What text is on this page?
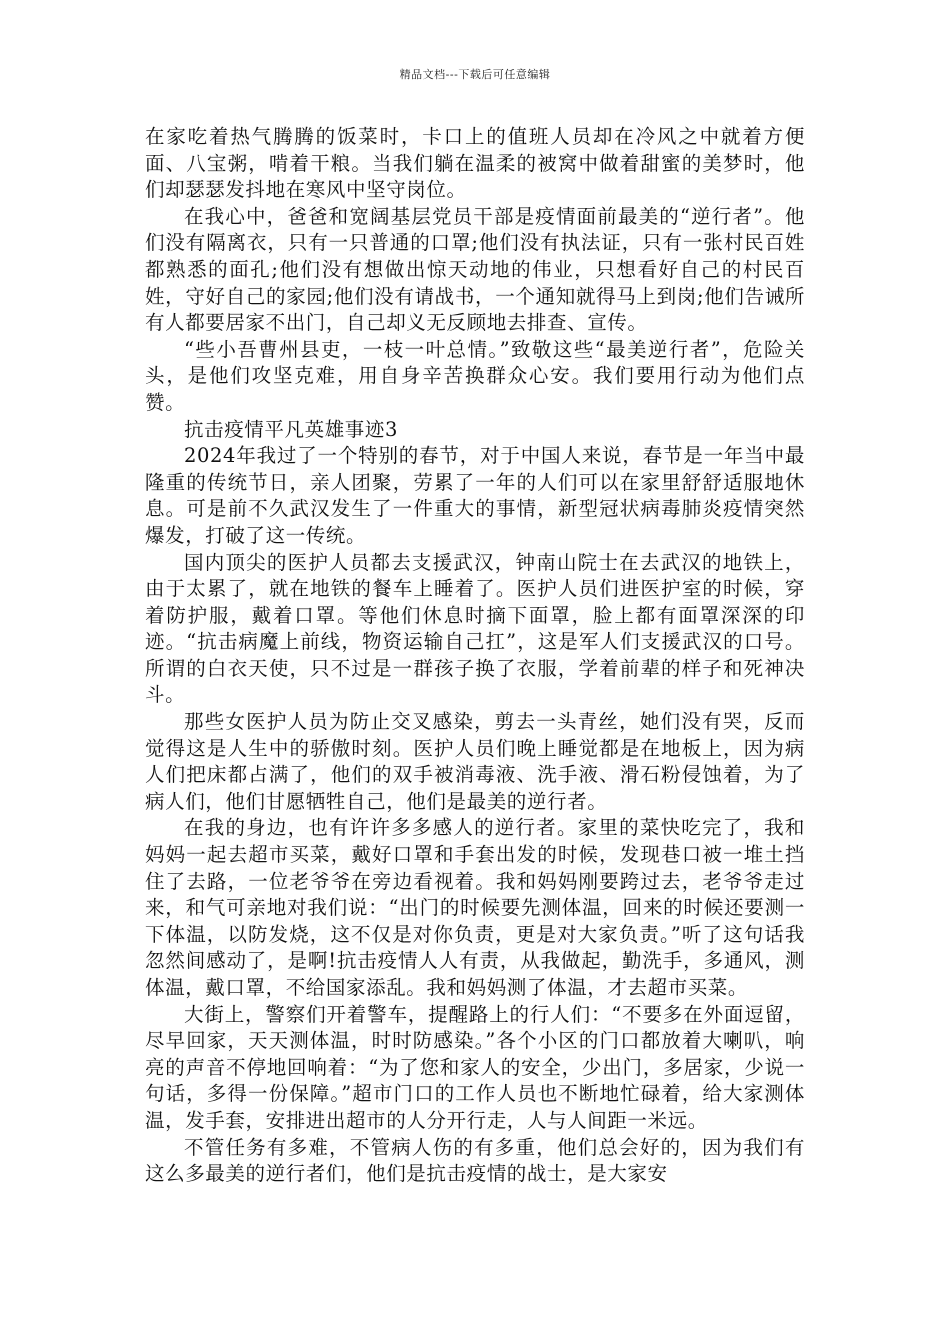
精品文档---下载后可任意编辑

在家吃着热气腾腾的饭菜时，卡口上的值班人员却在冷风之中就着方便面、八宝粥，啃着干粮。当我们躺在温柔的被窝中做着甜蜜的美梦时，他们却瑟瑟发抖地在寒风中坚守岗位。

在我心中，爸爸和宽阔基层党员干部是疫情面前最美的“逆行者”。他们没有隔离衣，只有一只普通的口罩;他们没有执法证，只有一张村民百姓都熟悉的面孔;他们没有想做出惊天动地的伟业，只想看好自己的村民百姓，守好自己的家园;他们没有请战书，一个通知就得马上到岗;他们告诫所有人都要居家不出门，自己却义无反顾地去排查、宣传。

“些小吾曹州县吏，一枝一叶总情。”致敬这些“最美逆行者”，危险关头，是他们攻坚克难，用自身辛苦换群众心安。我们要用行动为他们点赞。

抗击疫情平凡英雄事迹3

2024年我过了一个特别的春节，对于中国人来说，春节是一年当中最隆重的传统节日，亲人团聚，劳累了一年的人们可以在家里舒舒适服地休息。可是前不久武汉发生了一件重大的事情，新型冠状病毒肺炎疫情突然爆发，打破了这一传统。

国内顶尖的医护人员都去支援武汉，钟南山院士在去武汉的地铁上，由于太累了，就在地铁的餐车上睡着了。医护人员们进医护室的时候，穿着防护服，戴着口罩。等他们休息时摘下面罩，脸上都有面罩深深的印迹。“抗击病魔上前线，物资运输自己扛”，这是军人们支援武汉的口号。所谓的白衣天使，只不过是一群孩子换了衣服，学着前辈的样子和死神决斗。

那些女医护人员为防止交叉感染，剪去一头青丝，她们没有哭，反而觉得这是人生中的骄傲时刻。医护人员们晚上睡觉都是在地板上，因为病人们把床都占满了，他们的双手被消毒液、洗手液、滑石粉侵蚀着，为了病人们，他们甘愿牺牲自己，他们是最美的逆行者。

在我的身边，也有许许多多感人的逆行者。家里的菜快吃完了，我和妈妈一起去超市买菜，戴好口罩和手套出发的时候，发现巷口被一堆土挡住了去路，一位老爷爷在旁边看视着。我和妈妈刚要跨过去，老爷爷走过来，和气可亲地对我们说：“出门的时候要先测体温，回来的时候还要测一下体温，以防发烧，这不仅是对你负责，更是对大家负责。”听了这句话我忽然间感动了，是啊!抗击疫情人人有责，从我做起，勤洗手，多通风，测体温，戴口罩，不给国家添乱。我和妈妈测了体温，才去超市买菜。

大街上，警察们开着警车，提醒路上的行人们：“不要多在外面逗留，尽早回家，天天测体温，时时防感染。”各个小区的门口都放着大喇叭，响亮的声音不停地回响着：“为了您和家人的安全，少出门，多居家，少说一句话，多得一份保障。”超市门口的工作人员也不断地忙碌着，给大家测体温，发手套，安排进出超市的人分开行走，人与人间距一米远。

不管任务有多难，不管病人伤的有多重，他们总会好的，因为我们有这么多最美的逆行者们，他们是抗击疫情的战士，是大家安
